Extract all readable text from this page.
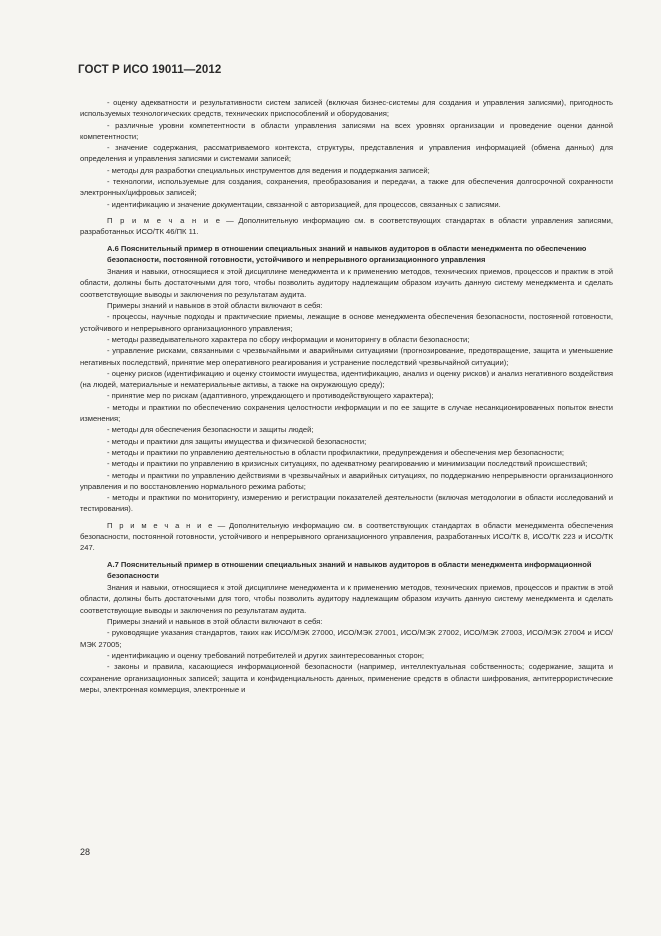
ГОСТ Р ИСО 19011—2012

- оценку адекватности и результативности систем записей (включая бизнес-системы для создания и управления записями), пригодность используемых технологических средств, технических приспособлений и оборудования;

- различные уровни компетентности в области управления записями на всех уровнях организации и проведение оценки данной компетентности;

- значение содержания, рассматриваемого контекста, структуры, представления и управления информацией (обмена данных) для определения и управления записями и системами записей;

- методы для разработки специальных инструментов для ведения и поддержания записей;

- технологии, используемые для создания, сохранения, преобразования и передачи, а также для обеспечения долгосрочной сохранности электронных/цифровых записей;

- идентификацию и значение документации, связанной с авторизацией, для процессов, связанных с записями.

П р и м е ч а н и е — Дополнительную информацию см. в соответствующих стандартах в области управления записями, разработанных ИСО/ТК 46/ПК 11.

А.6 Пояснительный пример в отношении специальных знаний и навыков аудиторов в области менеджмента по обеспечению безопасности, постоянной готовности, устойчивого и непрерывного организационного управления

Знания и навыки, относящиеся к этой дисциплине менеджмента и к применению методов, технических приемов, процессов и практик в этой области, должны быть достаточными для того, чтобы позволить аудитору надлежащим образом изучить данную систему менеджмента и сделать соответствующие выводы и заключения по результатам аудита.

Примеры знаний и навыков в этой области включают в себя:

- процессы, научные подходы и практические приемы, лежащие в основе менеджмента обеспечения безопасности, постоянной готовности, устойчивого и непрерывного организационного управления;

- методы разведывательного характера по сбору информации и мониторингу в области безопасности;

- управление рисками, связанными с чрезвычайными и аварийными ситуациями (прогнозирование, предотвращение, защита и уменьшение негативных последствий, принятие мер оперативного реагирования и устранение последствий чрезвычайной ситуации);

- оценку рисков (идентификацию и оценку стоимости имущества, идентификацию, анализ и оценку рисков) и анализ негативного воздействия (на людей, материальные и нематериальные активы, а также на окружающую среду);

- принятие мер по рискам (адаптивного, упреждающего и противодействующего характера);

- методы и практики по обеспечению сохранения целостности информации и по ее защите в случае несанкционированных попыток внести изменения;

- методы для обеспечения безопасности и защиты людей;

- методы и практики для защиты имущества и физической безопасности;

- методы и практики по управлению деятельностью в области профилактики, предупреждения и обеспечения мер безопасности;

- методы и практики по управлению в кризисных ситуациях, по адекватному реагированию и минимизации последствий происшествий;

- методы и практики по управлению действиями в чрезвычайных и аварийных ситуациях, по поддержанию непрерывности организационного управления и по восстановлению нормального режима работы;

- методы и практики по мониторингу, измерению и регистрации показателей деятельности (включая методологии в области исследований и тестирования).

П р и м е ч а н и е — Дополнительную информацию см. в соответствующих стандартах в области менеджмента обеспечения безопасности, постоянной готовности, устойчивого и непрерывного организационного управления, разработанных ИСО/ТК 8, ИСО/ТК 223 и ИСО/ТК 247.

А.7 Пояснительный пример в отношении специальных знаний и навыков аудиторов в области менеджмента информационной безопасности

Знания и навыки, относящиеся к этой дисциплине менеджмента и к применению методов, технических приемов, процессов и практик в этой области, должны быть достаточными для того, чтобы позволить аудитору надлежащим образом изучить данную систему менеджмента и сделать соответствующие выводы и заключения по результатам аудита.

Примеры знаний и навыков в этой области включают в себя:

- руководящие указания стандартов, таких как ИСО/МЭК 27000, ИСО/МЭК 27001, ИСО/МЭК 27002, ИСО/МЭК 27003, ИСО/МЭК 27004 и ИСО/МЭК 27005;

- идентификацию и оценку требований потребителей и других заинтересованных сторон;

- законы и правила, касающиеся информационной безопасности (например, интеллектуальная собственность; содержание, защита и сохранение организационных записей; защита и конфиденциальность данных, применение средств в области шифрования, антитеррористические меры, электронная коммерция, электронные и

28
